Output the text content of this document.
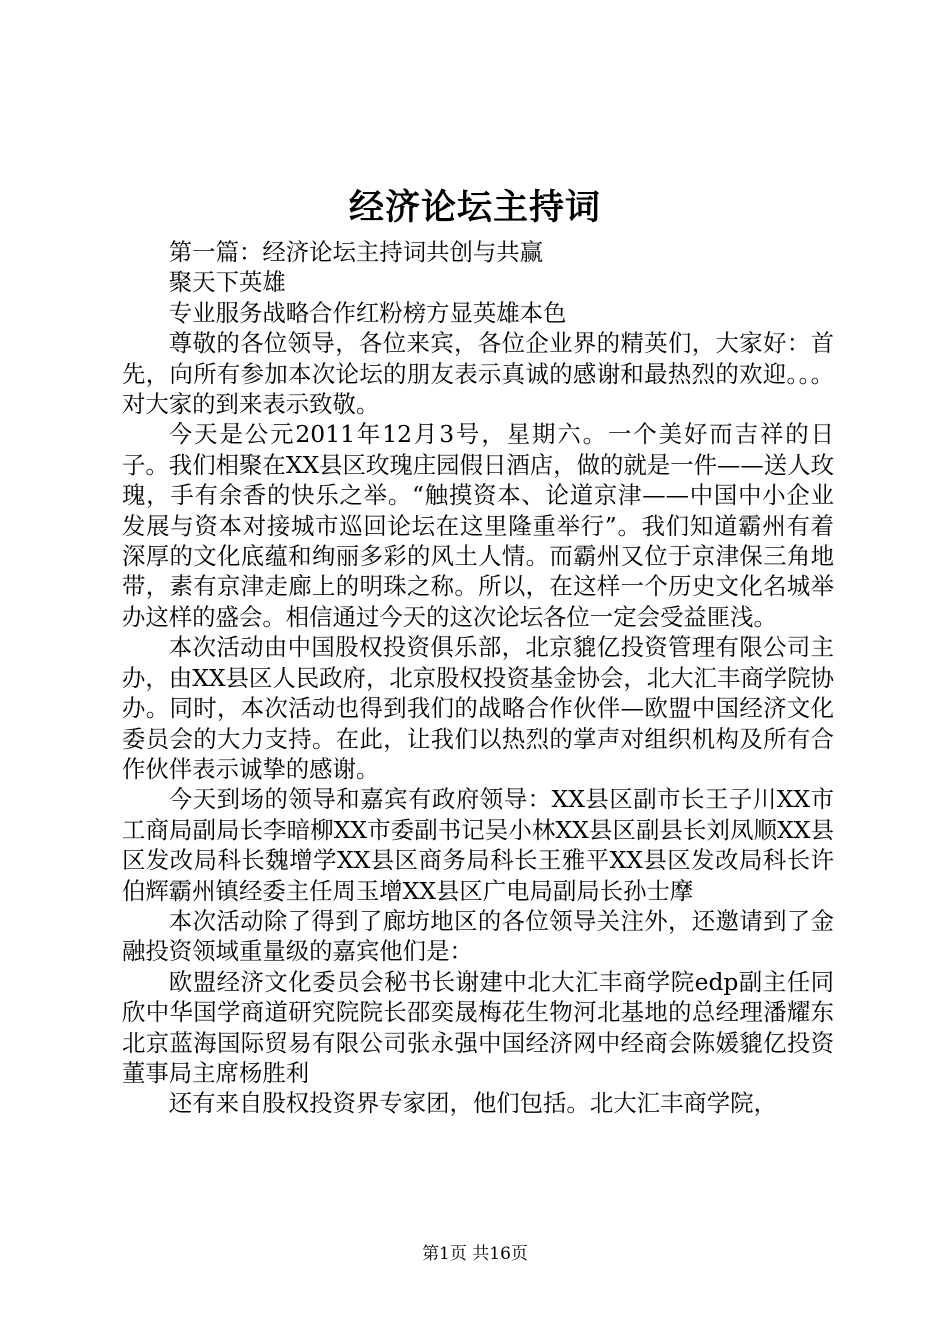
经济论坛主持词

第一篇：经济论坛主持词共创与共赢

聚天下英雄

专业服务战略合作红粉榜方显英雄本色

尊敬的各位领导，各位来宾，各位企业界的精英们，大家好：首先，向所有参加本次论坛的朋友表示真诚的感谢和最热烈的欢迎。。。对大家的到来表示致敬。

今天是公元2011年12月3号，星期六。一个美好而吉祥的日子。我们相聚在XX县区玫瑰庄园假日酒店，做的就是一件——送人玫瑰，手有余香的快乐之举。“触摸资本、论道京津——中国中小企业发展与资本对接城市巡回论坛在这里隆重举行”。我们知道霸州有着深厚的文化底蕴和绚丽多彩的风土人情。而霸州又位于京津保三角地带，素有京津走廊上的明珠之称。所以，在这样一个历史文化名城举办这样的盛会。相信通过今天的这次论坛各位一定会受益匪浅。

本次活动由中国股权投资俱乐部，北京貔亿投资管理有限公司主办，由XX县区人民政府，北京股权投资基金协会，北大汇丰商学院协办。同时，本次活动也得到我们的战略合作伙伴—欧盟中国经济文化委员会的大力支持。在此，让我们以热烈的掌声对组织机构及所有合作伙伴表示诚挚的感谢。

今天到场的领导和嘉宾有政府领导：XX县区副市长王子川XX市工商局副局长李暗柳XX市委副书记吴小林XX县区副县长刘凤顺XX县区发改局科长魏增学XX县区商务局科长王雅平XX县区发改局科长许伯辉霸州镇经委主任周玉增XX县区广电局副局长孙士摩

本次活动除了得到了廊坊地区的各位领导关注外，还邀请到了金融投资领域重量级的嘉宾他们是：

欧盟经济文化委员会秘书长谢建中北大汇丰商学院edp副主任同欣中华国学商道研究院院长邵奕晟梅花生物河北基地的总经理潘耀东北京蓝海国际贸易有限公司张永强中国经济网中经商会陈媛貔亿投资董事局主席杨胜利

还有来自股权投资界专家团，他们包括。北大汇丰商学院，

第1页 共16页
